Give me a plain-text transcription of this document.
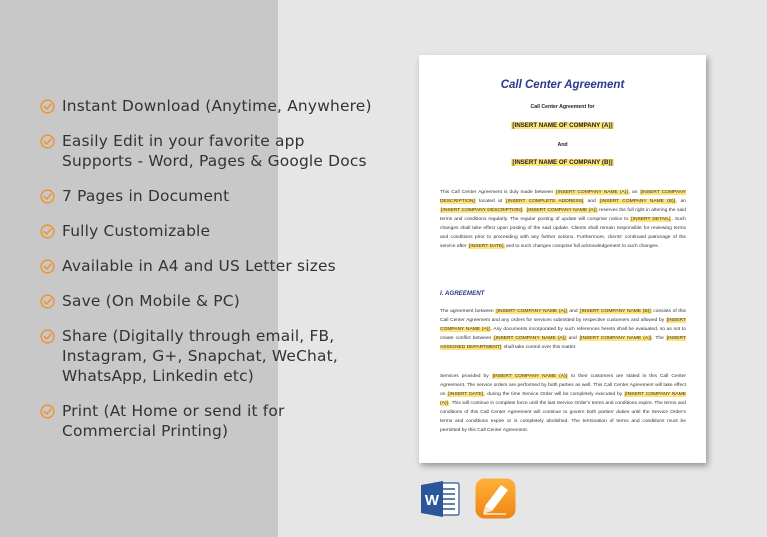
Instant Download (Anytime, Anywhere)
Easily Edit in your favorite app
Supports - Word, Pages & Google Docs
7 Pages in Document
Fully Customizable
Available in A4 and US Letter sizes
Save (On Mobile & PC)
Share (Digitally through email, FB,
Instagram, G+, Snapchat, WeChat,
WhatsApp, Linkedin etc)
Print (At Home or send it for
Commercial Printing)
Call Center Agreement
Call Center Agreement for
[INSERT NAME OF COMPANY (A)]
And
[INSERT NAME OF COMPANY (B)]
This Call Center Agreement is duly made between [INSERT COMPANY NAME (A)], an [INSERT COMPANY DESCRIPTION] located at [INSERT COMPLETE ADDRESS] and [INSERT COMPANY NAME (B)], an [INSERT COMPANY DESCRIPTION]. [INSERT COMPANY NAME (A)] reserves the full right in altering the said terms and conditions regularly. The regular posting of update will comprise notice to [INSERT DETAIL]. Such changes shall take effect upon posting of the said update. Clients shall remain responsible for reviewing terms and conditions prior to proceeding with any further actions. Furthermore, clients' continued patronage of the service after [INSERT DATE] and to such changes comprise full acknowledgement to such changes.
I. AGREEMENT
The agreement between [INSERT COMPANY NAME (A)] and [INSERT COMPANY NAME (B)] consists of this Call Center Agreement and any orders for services submitted by respective customers and allowed by [INSERT COMPANY NAME (A)]. Any documents incorporated by such references hereto shall be evaluated, so as not to create conflict between [INSERT COMPANY NAME (A)] and [INSERT COMPANY NAME (A)]. The [INSERT ASSIGNED DEPARTMENT] shall take control over this matter.
Services provided by [INSERT COMPANY NAME (A)] to their customers are stated in this Call Center Agreement. The service orders are performed by both parties as well. This Call Center Agreement will take effect on [INSERT DATE], during the time Service Order will be completely executed by [INSERT COMPANY NAME (A)]. This will continue in complete force until the last Service Order's terms and conditions expire. The terms and conditions of this Call Center Agreement will continue to govern both parties' duties until the Service Order's terms and conditions expire or is completely abolished. The termination of terms and conditions must be permitted by this Call Center Agreement.
W
